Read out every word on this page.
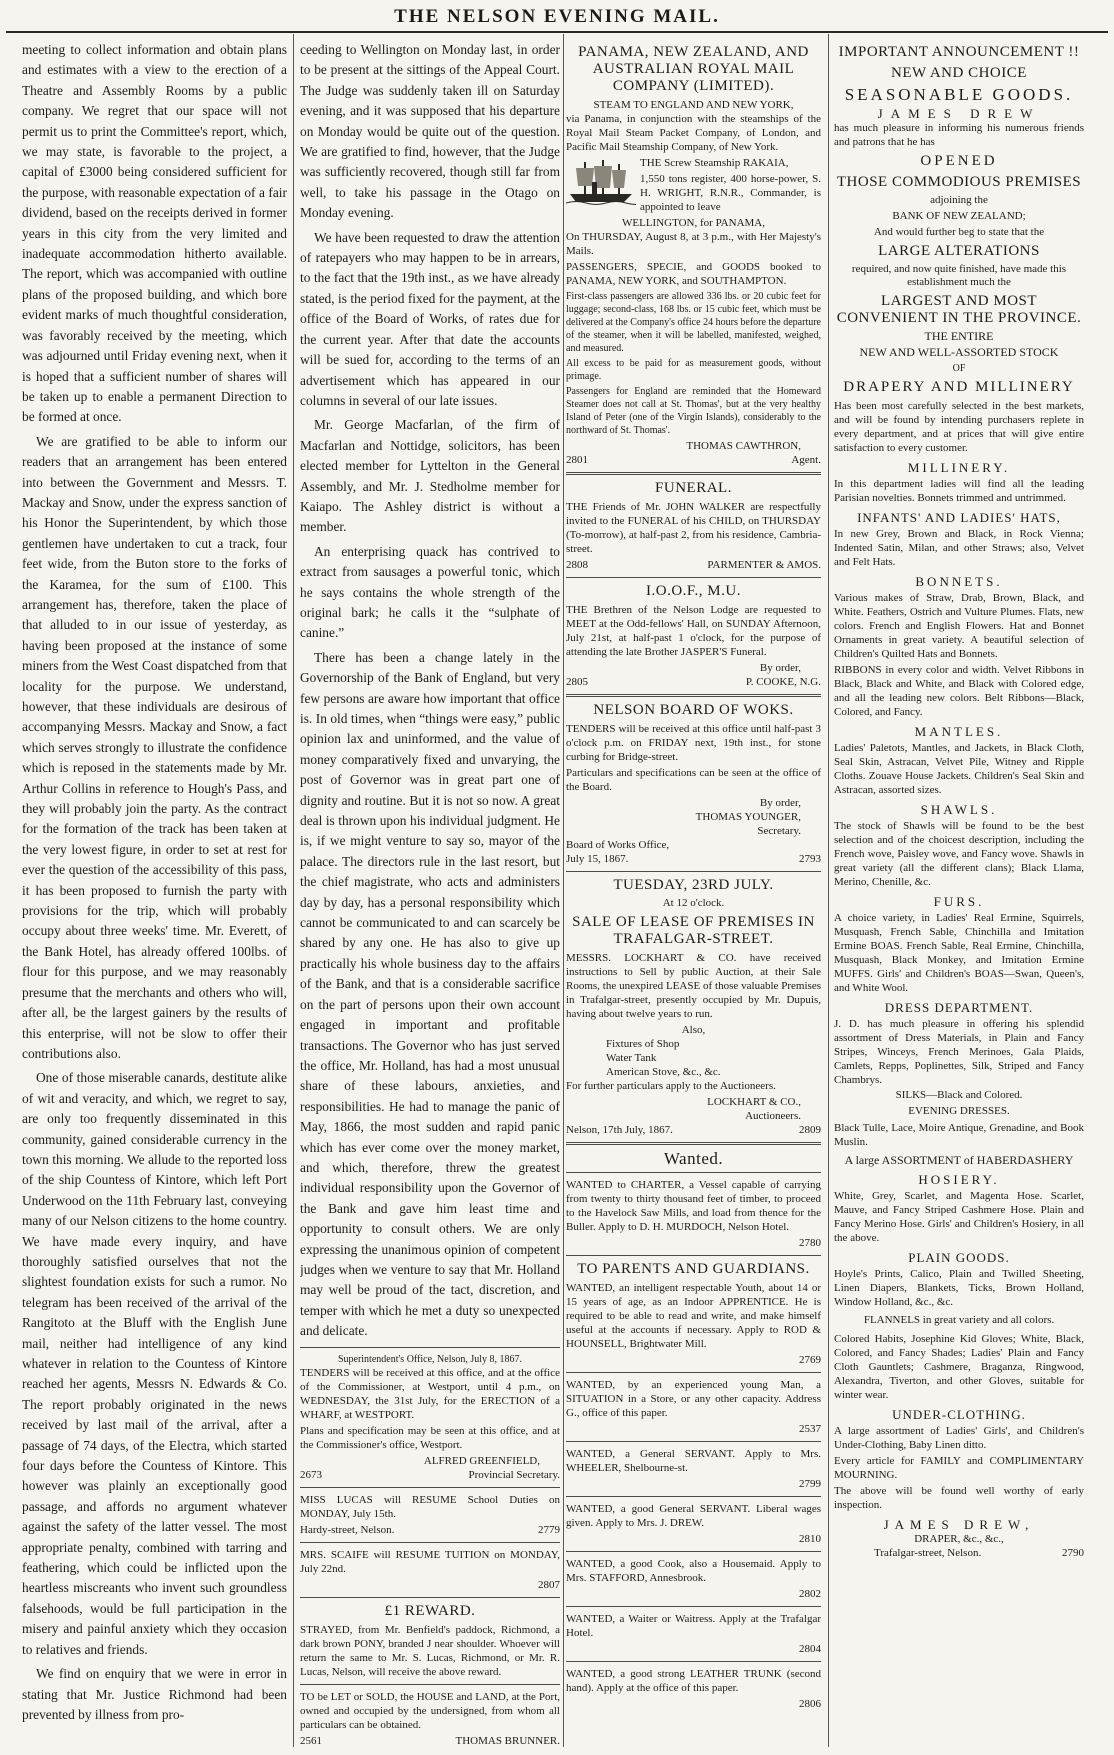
THE NELSON EVENING MAIL.

meeting to collect information and obtain plans and estimates with a view to the erection of a Theatre and Assembly Rooms by a public company. We regret that our space will not permit us to print the Committee's report, which, we may state, is favorable to the project, a capital of £3000 being considered sufficient for the purpose, with reasonable expectation of a fair dividend, based on the receipts derived in former years in this city from the very limited and inadequate accommodation hitherto available. The report, which was accompanied with outline plans of the proposed building, and which bore evident marks of much thoughtful consideration, was favorably received by the meeting, which was adjourned until Friday evening next, when it is hoped that a sufficient number of shares will be taken up to enable a permanent Direction to be formed at once.

We are gratified to be able to inform our readers that an arrangement has been entered into between the Government and Messrs. T. Mackay and Snow, under the express sanction of his Honor the Superintendent, by which those gentlemen have undertaken to cut a track, four feet wide, from the Buton store to the forks of the Karamea, for the sum of £100. This arrangement has, therefore, taken the place of that alluded to in our issue of yesterday, as having been proposed at the instance of some miners from the West Coast dispatched from that locality for the purpose. We understand, however, that these individuals are desirous of accompanying Messrs. Mackay and Snow, a fact which serves strongly to illustrate the confidence which is reposed in the statements made by Mr. Arthur Collins in reference to Hough's Pass, and they will probably join the party. As the contract for the formation of the track has been taken at the very lowest figure, in order to set at rest for ever the question of the accessibility of this pass, it has been proposed to furnish the party with provisions for the trip, which will probably occupy about three weeks' time. Mr. Everett, of the Bank Hotel, has already offered 100lbs. of flour for this purpose, and we may reasonably presume that the merchants and others who will, after all, be the largest gainers by the results of this enterprise, will not be slow to offer their contributions also.

One of those miserable canards, destitute alike of wit and veracity, and which, we regret to say, are only too frequently disseminated in this community, gained considerable currency in the town this morning. We allude to the reported loss of the ship Countess of Kintore, which left Port Underwood on the 11th February last, conveying many of our Nelson citizens to the home country. We have made every inquiry, and have thoroughly satisfied ourselves that not the slightest foundation exists for such a rumor. No telegram has been received of the arrival of the Rangitoto at the Bluff with the English June mail, neither had intelligence of any kind whatever in relation to the Countess of Kintore reached her agents, Messrs N. Edwards & Co. The report probably originated in the news received by last mail of the arrival, after a passage of 74 days, of the Electra, which started four days before the Countess of Kintore. This however was plainly an exceptionally good passage, and affords no argument whatever against the safety of the latter vessel. The most appropriate penalty, combined with tarring and feathering, which could be inflicted upon the heartless miscreants who invent such groundless falsehoods, would be full participation in the misery and painful anxiety which they occasion to relatives and friends.

We find on enquiry that we were in error in stating that Mr. Justice Richmond had been prevented by illness from pro-

ceeding to Wellington on Monday last, in order to be present at the sittings of the Appeal Court. The Judge was suddenly taken ill on Saturday evening, and it was supposed that his departure on Monday would be quite out of the question. We are gratified to find, however, that the Judge was sufficiently recovered, though still far from well, to take his passage in the Otago on Monday evening.

We have been requested to draw the attention of ratepayers who may happen to be in arrears, to the fact that the 19th inst., as we have already stated, is the period fixed for the payment, at the office of the Board of Works, of rates due for the current year. After that date the accounts will be sued for, according to the terms of an advertisement which has appeared in our columns in several of our late issues.

Mr. George Macfarlan, of the firm of Macfarlan and Nottidge, solicitors, has been elected member for Lyttelton in the General Assembly, and Mr. J. Stedholme member for Kaiapo. The Ashley district is without a member.

An enterprising quack has contrived to extract from sausages a powerful tonic, which he says contains the whole strength of the original bark; he calls it the “sulphate of canine.”

There has been a change lately in the Governorship of the Bank of England, but very few persons are aware how important that office is. In old times, when “things were easy,” public opinion lax and uninformed, and the value of money comparatively fixed and unvarying, the post of Governor was in great part one of dignity and routine. But it is not so now. A great deal is thrown upon his individual judgment. He is, if we might venture to say so, mayor of the palace. The directors rule in the last resort, but the chief magistrate, who acts and administers day by day, has a personal responsibility which cannot be communicated to and can scarcely be shared by any one. He has also to give up practically his whole business day to the affairs of the Bank, and that is a considerable sacrifice on the part of persons upon their own account engaged in important and profitable transactions. The Governor who has just served the office, Mr. Holland, has had a most unusual share of these labours, anxieties, and responsibilities. He had to manage the panic of May, 1866, the most sudden and rapid panic which has ever come over the money market, and which, therefore, threw the greatest individual responsibility upon the Governor of the Bank and gave him least time and opportunity to consult others. We are only expressing the unanimous opinion of competent judges when we venture to say that Mr. Holland may well be proud of the tact, discretion, and temper with which he met a duty so unexpected and delicate.

Superintendent's Office, Nelson, July 8, 1867.

TENDERS will be received at this office, and at the office of the Commissioner, at Westport, until 4 p.m., on WEDNESDAY, the 31st July, for the ERECTION of a WHARF, at WESTPORT.

Plans and specification may be seen at this office, and at the Commissioner's office, Westport.

ALFRED GREENFIELD,
2673	Provincial Secretary.

MISS LUCAS will RESUME School Duties on MONDAY, July 15th.

Hardy-street, Nelson.	2779

MRS. SCAIFE will RESUME TUITION on MONDAY, July 22nd.

2807
£1 REWARD.

STRAYED, from Mr. Benfield's paddock, Richmond, a dark brown PONY, branded J near shoulder. Whoever will return the same to Mr. S. Lucas, Richmond, or Mr. R. Lucas, Nelson, will receive the above reward.

TO be LET or SOLD, the HOUSE and LAND, at the Port, owned and occupied by the undersigned, from whom all particulars can be obtained.

2561	THOMAS BRUNNER.
PANAMA, NEW ZEALAND, AND AUSTRALIAN ROYAL MAIL COMPANY (LIMITED).
STEAM TO ENGLAND AND NEW YORK,

via Panama, in conjunction with the steamships of the Royal Mail Steam Packet Company, of London, and Pacific Mail Steamship Company, of New York.

THE Screw Steamship RAKAIA,

1,550 tons register, 400 horse-power, S. H. WRIGHT, R.N.R., Commander, is appointed to leave

WELLINGTON, for PANAMA,

On THURSDAY, August 8, at 3 p.m., with Her Majesty's Mails.

PASSENGERS, SPECIE, and GOODS booked to PANAMA, NEW YORK, and SOUTHAMPTON.

First-class passengers are allowed 336 lbs. or 20 cubic feet for luggage; second-class, 168 lbs. or 15 cubic feet, which must be delivered at the Company's office 24 hours before the departure of the steamer, when it will be labelled, manifested, weighed, and measured.

All excess to be paid for as measurement goods, without primage.

Passengers for England are reminded that the Homeward Steamer does not call at St. Thomas', but at the very healthy Island of Peter (one of the Virgin Islands), considerably to the northward of St. Thomas'.

THOMAS CAWTHRON,
2801	Agent.
FUNERAL.

THE Friends of Mr. JOHN WALKER are respectfully invited to the FUNERAL of his CHILD, on THURSDAY (To-morrow), at half-past 2, from his residence, Cambria-street.

2808	PARMENTER & AMOS.
I.O.O.F., M.U.

THE Brethren of the Nelson Lodge are requested to MEET at the Odd-fellows' Hall, on SUNDAY Afternoon, July 21st, at half-past 1 o'clock, for the purpose of attending the late Brother JASPER'S Funeral.

By order,
2805	P. COOKE, N.G.
NELSON BOARD OF WOKS.

TENDERS will be received at this office until half-past 3 o'clock p.m. on FRIDAY next, 19th inst., for stone curbing for Bridge-street.

Particulars and specifications can be seen at the office of the Board.

By order,
THOMAS YOUNGER,
Secretary.
Board of Works Office,
July 15, 1867.	2793
TUESDAY, 23RD JULY.
At 12 o'clock.
SALE OF LEASE OF PREMISES IN TRAFALGAR-STREET.

MESSRS. LOCKHART & CO. have received instructions to Sell by public Auction, at their Sale Rooms, the unexpired LEASE of those valuable Premises in Trafalgar-street, presently occupied by Mr. Dupuis, having about twelve years to run.

Also,
Fixtures of Shop
Water Tank
American Stove, &c., &c.

For further particulars apply to the Auctioneers.

LOCKHART & CO.,
Auctioneers.
Nelson, 17th July, 1867.	2809
Wanted.

WANTED to CHARTER, a Vessel capable of carrying from twenty to thirty thousand feet of timber, to proceed to the Havelock Saw Mills, and load from thence for the Buller. Apply to D. H. MURDOCH, Nelson Hotel.

2780
TO PARENTS AND GUARDIANS.

WANTED, an intelligent respectable Youth, about 14 or 15 years of age, as an Indoor APPRENTICE. He is required to be able to read and write, and make himself useful at the accounts if necessary. Apply to ROD & HOUNSELL, Brightwater Mill.

2769

WANTED, by an experienced young Man, a SITUATION in a Store, or any other capacity. Address G., office of this paper.

2537

WANTED, a General SERVANT. Apply to Mrs. WHEELER, Shelbourne-st.

2799

WANTED, a good General SERVANT. Liberal wages given. Apply to Mrs. J. DREW.

2810

WANTED, a good Cook, also a Housemaid. Apply to Mrs. STAFFORD, Annesbrook.

2802

WANTED, a Waiter or Waitress. Apply at the Trafalgar Hotel.

2804

WANTED, a good strong LEATHER TRUNK (second hand). Apply at the office of this paper.

2806
IMPORTANT ANNOUNCEMENT !!
NEW AND CHOICE
SEASONABLE GOODS.
JAMES DREW

has much pleasure in informing his numerous friends and patrons that he has

OPENED
THOSE COMMODIOUS PREMISES
adjoining the
BANK OF NEW ZEALAND;
And would further beg to state that the
LARGE ALTERATIONS
required, and now quite finished, have made this establishment much the
LARGEST AND MOST CONVENIENT IN THE PROVINCE.
THE ENTIRE
NEW AND WELL-ASSORTED STOCK
OF
DRAPERY AND MILLINERY

Has been most carefully selected in the best markets, and will be found by intending purchasers replete in every department, and at prices that will give entire satisfaction to every customer.

MILLINERY.

In this department ladies will find all the leading Parisian novelties. Bonnets trimmed and untrimmed.

INFANTS' AND LADIES' HATS,

In new Grey, Brown and Black, in Rock Vienna; Indented Satin, Milan, and other Straws; also, Velvet and Felt Hats.

BONNETS.

Various makes of Straw, Drab, Brown, Black, and White. Feathers, Ostrich and Vulture Plumes. Flats, new colors. French and English Flowers. Hat and Bonnet Ornaments in great variety. A beautiful selection of Children's Quilted Hats and Bonnets.

RIBBONS in every color and width. Velvet Ribbons in Black, Black and White, and Black with Colored edge, and all the leading new colors. Belt Ribbons—Black, Colored, and Fancy.

MANTLES.

Ladies' Paletots, Mantles, and Jackets, in Black Cloth, Seal Skin, Astracan, Velvet Pile, Witney and Ripple Cloths. Zouave House Jackets. Children's Seal Skin and Astracan, assorted sizes.

SHAWLS.

The stock of Shawls will be found to be the best selection and of the choicest description, including the French wove, Paisley wove, and Fancy wove. Shawls in great variety (all the different clans); Black Llama, Merino, Chenille, &c.

FURS.

A choice variety, in Ladies' Real Ermine, Squirrels, Musquash, French Sable, Chinchilla and Imitation Ermine BOAS. French Sable, Real Ermine, Chinchilla, Musquash, Black Monkey, and Imitation Ermine MUFFS. Girls' and Children's BOAS—Swan, Queen's, and White Wool.

DRESS DEPARTMENT.

J. D. has much pleasure in offering his splendid assortment of Dress Materials, in Plain and Fancy Stripes, Winceys, French Merinoes, Gala Plaids, Camlets, Repps, Poplinettes, Silk, Striped and Fancy Chambrys.

SILKS—Black and Colored.
EVENING DRESSES.

Black Tulle, Lace, Moire Antique, Grenadine, and Book Muslin.

A large ASSORTMENT of HABERDASHERY
HOSIERY.

White, Grey, Scarlet, and Magenta Hose. Scarlet, Mauve, and Fancy Striped Cashmere Hose. Plain and Fancy Merino Hose. Girls' and Children's Hosiery, in all the above.

PLAIN GOODS.

Hoyle's Prints, Calico, Plain and Twilled Sheeting, Linen Diapers, Blankets, Ticks, Brown Holland, Window Holland, &c., &c.

FLANNELS in great variety and all colors.

Colored Habits, Josephine Kid Gloves; White, Black, Colored, and Fancy Shades; Ladies' Plain and Fancy Cloth Gauntlets; Cashmere, Braganza, Ringwood, Alexandra, Tiverton, and other Gloves, suitable for winter wear.

UNDER-CLOTHING.

A large assortment of Ladies' Girls', and Children's Under-Clothing, Baby Linen ditto.

Every article for FAMILY and COMPLIMENTARY MOURNING.

The above will be found well worthy of early inspection.

JAMES DREW,
DRAPER, &c., &c.,
Trafalgar-street, Nelson.	2790
